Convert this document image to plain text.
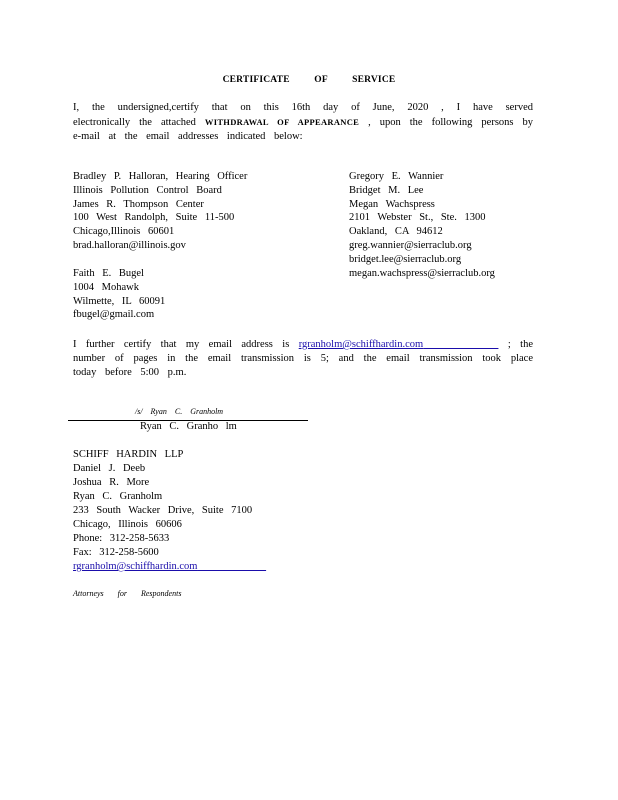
CERTIFICATE OF SERVICE
I, the undersigned,certify that on this 16th day of June, 2020 , I have served electronically the attached WITHDRAWAL OF APPEARANCE , upon the following persons by e-mail at the email addresses indicated below:
Bradley P. Halloran, Hearing Officer
Illinois Pollution Control Board
James R. Thompson Center
100 West Randolph, Suite 11-500
Chicago,Illinois 60601
brad.halloran@illinois.gov
Faith E. Bugel
1004 Mohawk
Wilmette, IL 60091
fbugel@gmail.com
Gregory E. Wannier
Bridget M. Lee
Megan Wachspress
2101 Webster St., Ste. 1300
Oakland, CA 94612
greg.wannier@sierraclub.org
bridget.lee@sierraclub.org
megan.wachspress@sierraclub.org
I further certify that my email address is rgranholm@schiffhardin.com	; the number of pages in the email transmission is 5; and the email transmission took place today before 5:00 p.m.
/s/ Ryan C. Granholm
Ryan C. Granho lm
SCHIFF HARDIN LLP
Daniel J. Deeb
Joshua R. More
Ryan C. Granholm
233 South Wacker Drive, Suite 7100
Chicago, Illinois 60606
Phone: 312-258-5633
Fax: 312-258-5600
rgranholm@schiffhardin.com
Attorneys for Respondents
